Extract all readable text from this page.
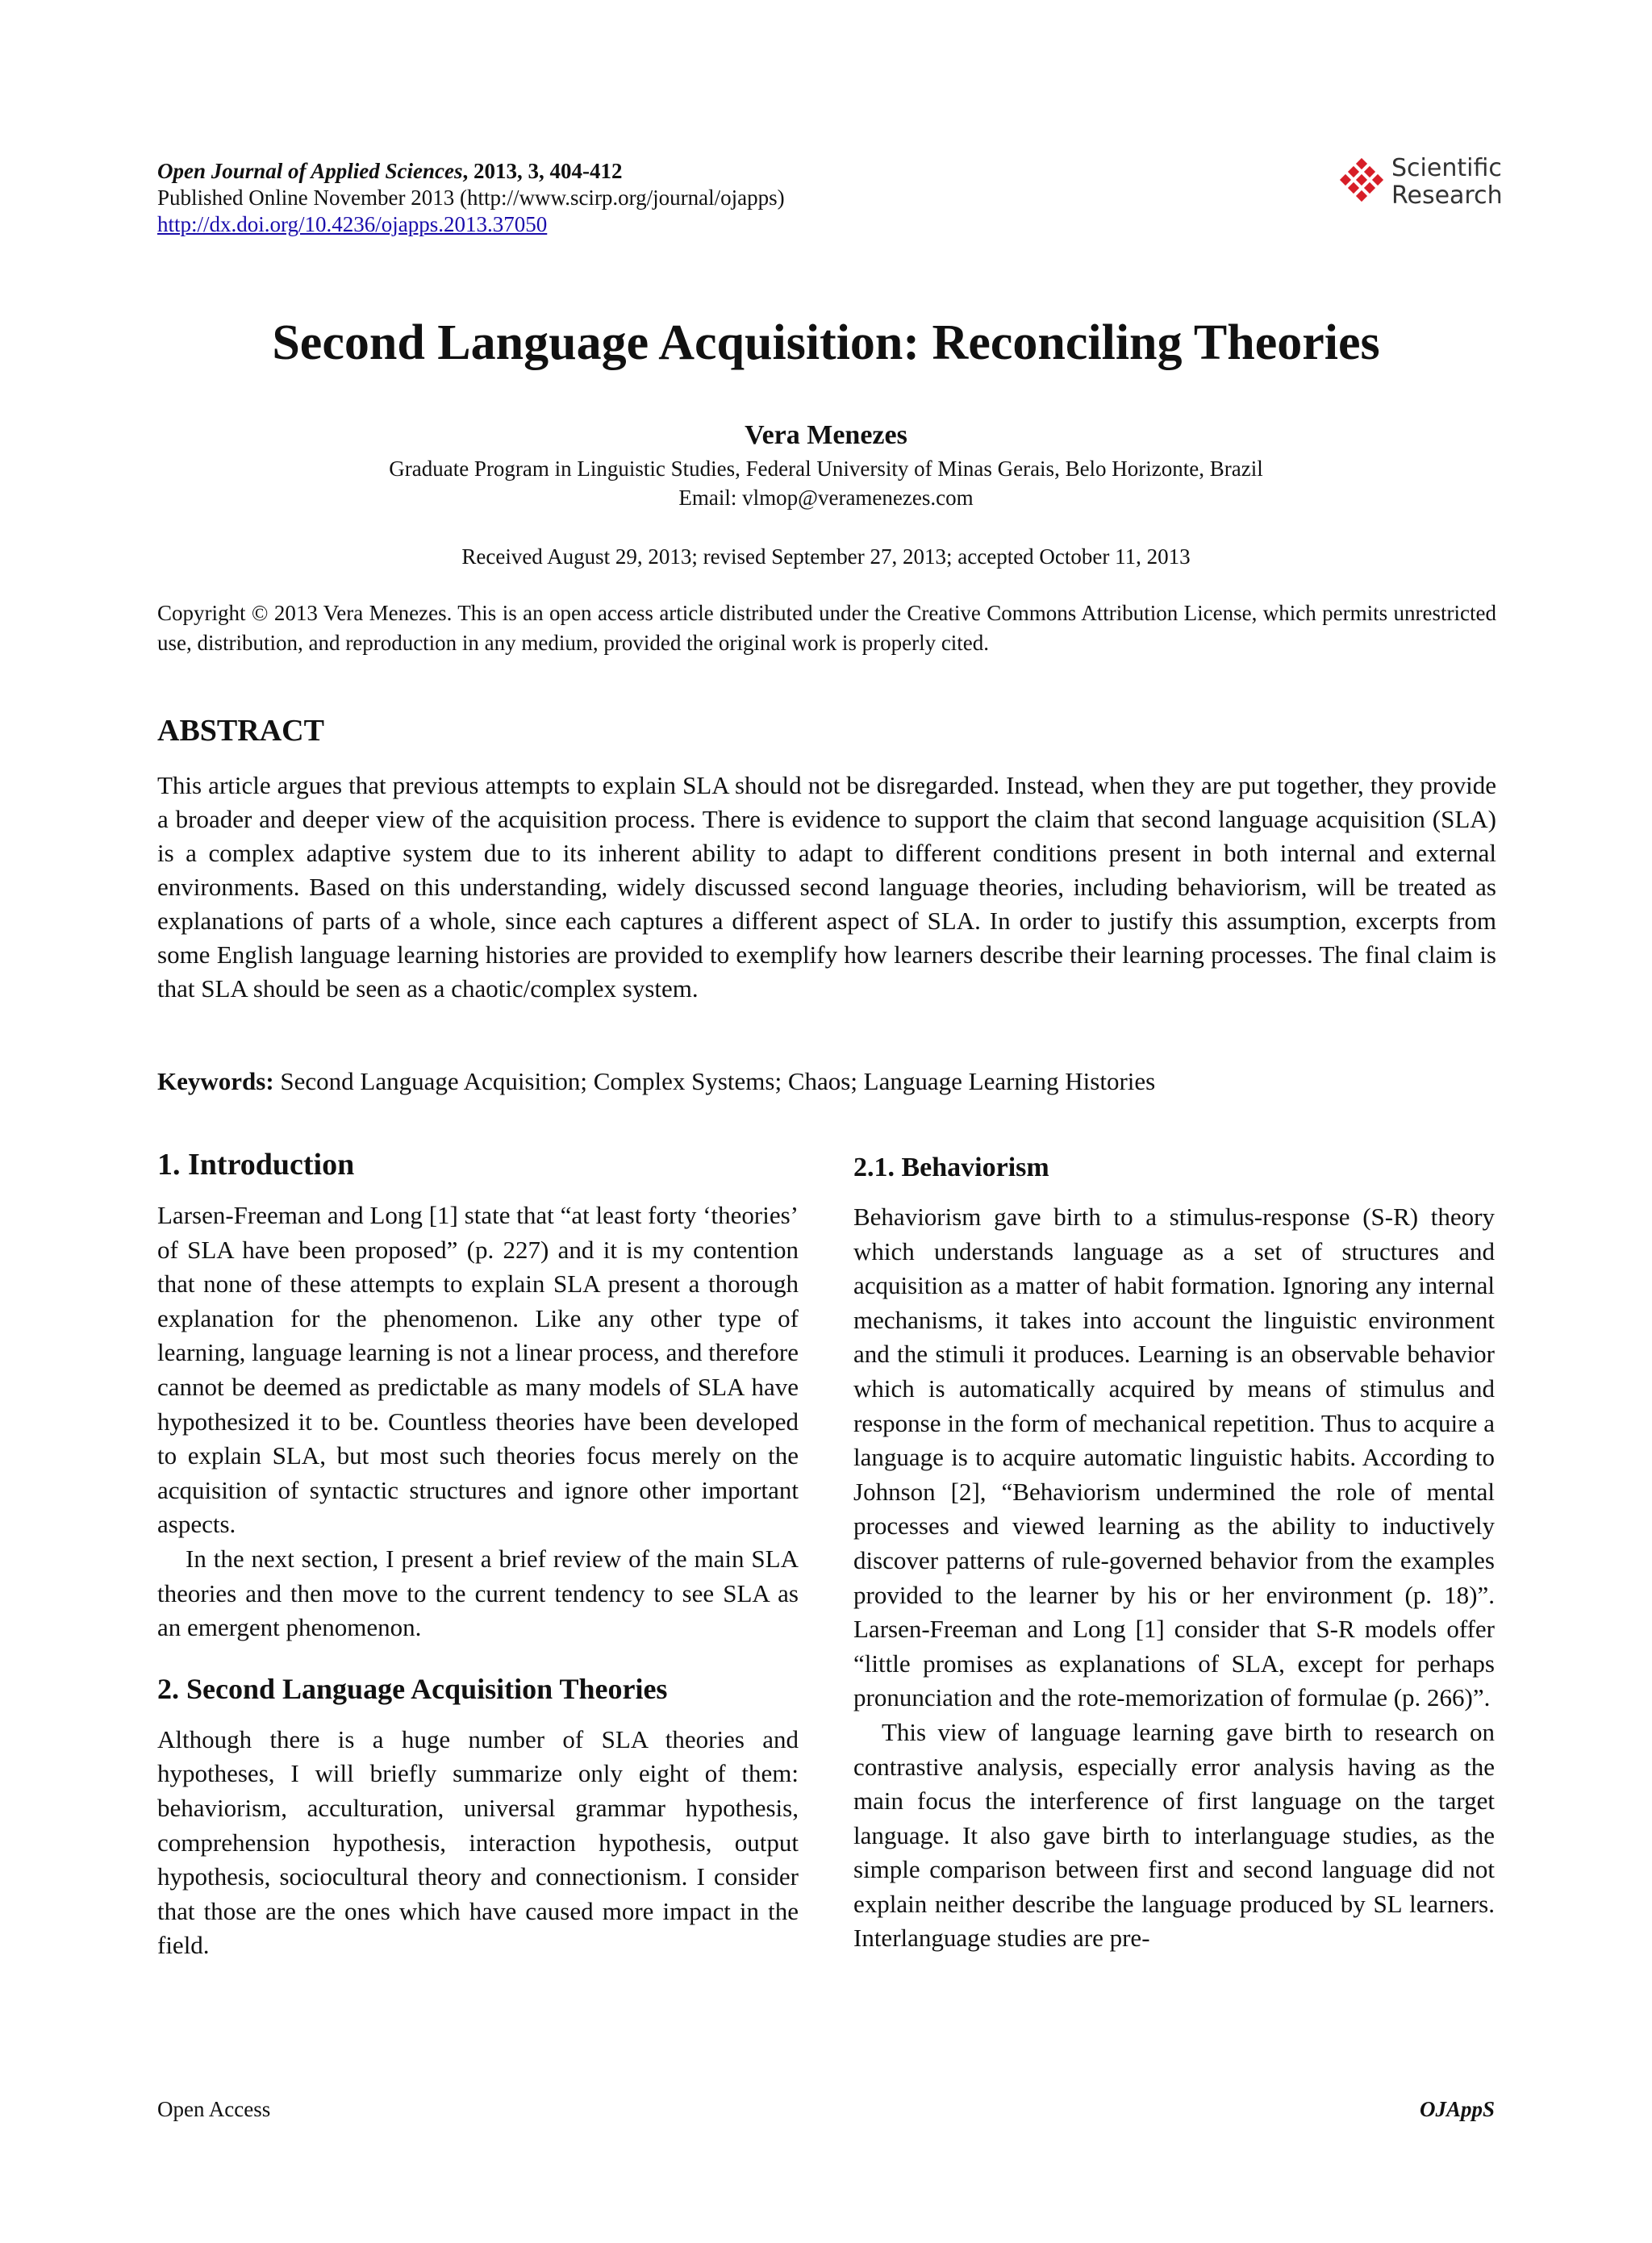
Open Journal of Applied Sciences, 2013, 3, 404-412
Published Online November 2013 (http://www.scirp.org/journal/ojapps)
http://dx.doi.org/10.4236/ojapps.2013.37050
Scientific
Research
Second Language Acquisition: Reconciling Theories
Vera Menezes
Graduate Program in Linguistic Studies, Federal University of Minas Gerais, Belo Horizonte, Brazil
Email: vlmop@veramenezes.com
Received August 29, 2013; revised September 27, 2013; accepted October 11, 2013
Copyright © 2013 Vera Menezes. This is an open access article distributed under the Creative Commons Attribution License, which permits unrestricted use, distribution, and reproduction in any medium, provided the original work is properly cited.
ABSTRACT
This article argues that previous attempts to explain SLA should not be disregarded. Instead, when they are put together, they provide a broader and deeper view of the acquisition process. There is evidence to support the claim that second language acquisition (SLA) is a complex adaptive system due to its inherent ability to adapt to different conditions present in both internal and external environments. Based on this understanding, widely discussed second language theories, including behaviorism, will be treated as explanations of parts of a whole, since each captures a different aspect of SLA. In order to justify this assumption, excerpts from some English language learning histories are provided to exemplify how learners describe their learning processes. The final claim is that SLA should be seen as a chaotic/complex system.
Keywords: Second Language Acquisition; Complex Systems; Chaos; Language Learning Histories
1. Introduction

Larsen-Freeman and Long [1] state that “at least forty ‘theories’ of SLA have been proposed” (p. 227) and it is my contention that none of these attempts to explain SLA present a thorough explanation for the phenomenon. Like any other type of learning, language learning is not a linear process, and therefore cannot be deemed as predictable as many models of SLA have hypothesized it to be. Countless theories have been developed to explain SLA, but most such theories focus merely on the acquisition of syntactic structures and ignore other important aspects.

In the next section, I present a brief review of the main SLA theories and then move to the current tendency to see SLA as an emergent phenomenon.

2. Second Language Acquisition Theories

Although there is a huge number of SLA theories and hypotheses, I will briefly summarize only eight of them: behaviorism, acculturation, universal grammar hypothesis, comprehension hypothesis, interaction hypothesis, output hypothesis, sociocultural theory and connectionism. I consider that those are the ones which have caused more impact in the field.

2.1. Behaviorism

Behaviorism gave birth to a stimulus-response (S-R) theory which understands language as a set of structures and acquisition as a matter of habit formation. Ignoring any internal mechanisms, it takes into account the linguistic environment and the stimuli it produces. Learning is an observable behavior which is automatically acquired by means of stimulus and response in the form of mechanical repetition. Thus to acquire a language is to acquire automatic linguistic habits. According to Johnson [2], “Behaviorism undermined the role of mental processes and viewed learning as the ability to inductively discover patterns of rule-governed behavior from the examples provided to the learner by his or her environment (p. 18)”. Larsen-Freeman and Long [1] consider that S-R models offer “little promises as explanations of SLA, except for perhaps pronunciation and the rote-memorization of formulae (p. 266)”.

This view of language learning gave birth to research on contrastive analysis, especially error analysis having as the main focus the interference of first language on the target language. It also gave birth to interlanguage studies, as the simple comparison between first and second language did not explain neither describe the language produced by SL learners. Interlanguage studies are pre-

Open Access	OJAppS
